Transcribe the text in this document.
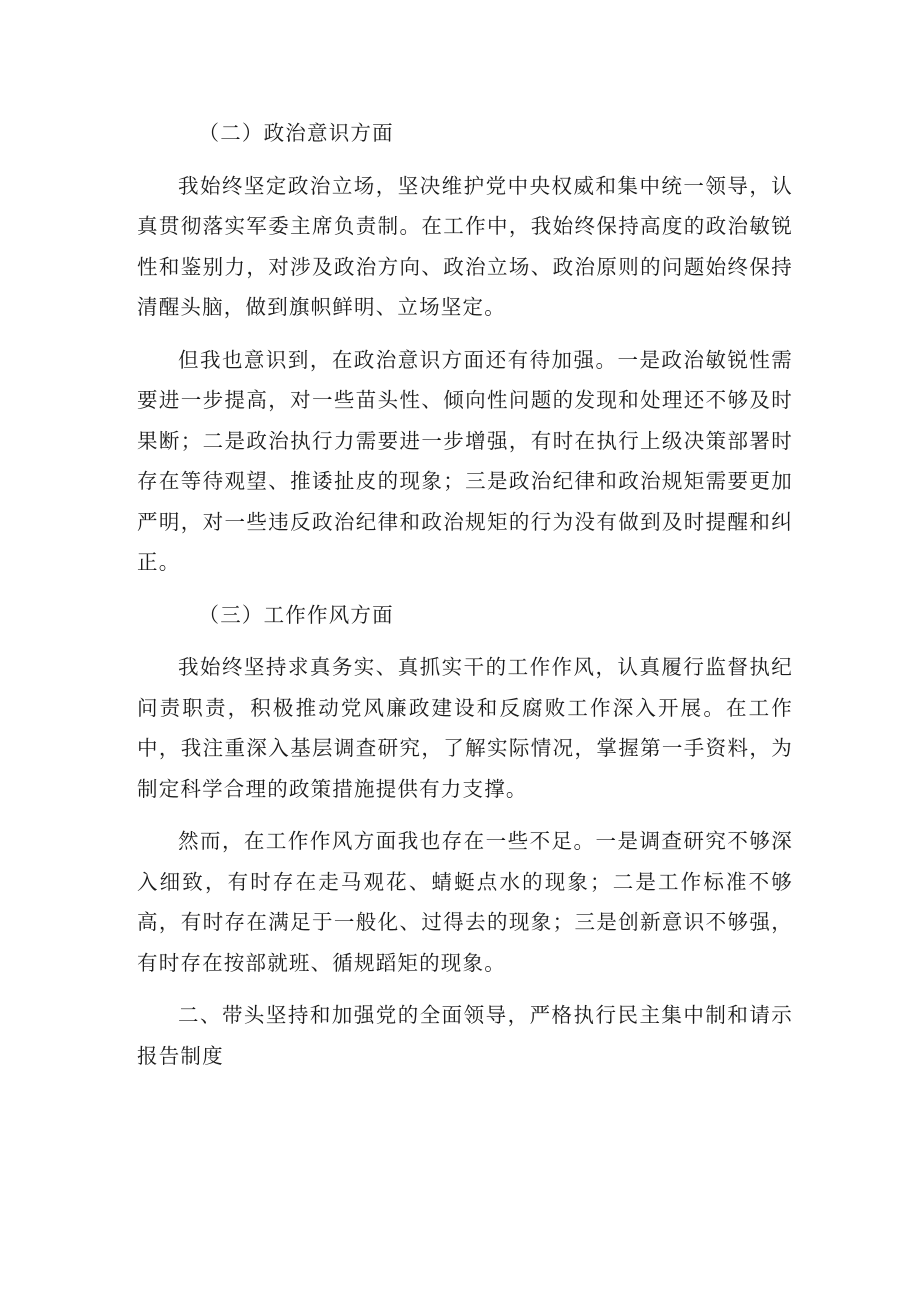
（二）政治意识方面

我始终坚定政治立场，坚决维护党中央权威和集中统一领导，认真贯彻落实军委主席负责制。在工作中，我始终保持高度的政治敏锐性和鉴别力，对涉及政治方向、政治立场、政治原则的问题始终保持清醒头脑，做到旗帜鲜明、立场坚定。

但我也意识到，在政治意识方面还有待加强。一是政治敏锐性需要进一步提高，对一些苗头性、倾向性问题的发现和处理还不够及时果断；二是政治执行力需要进一步增强，有时在执行上级决策部署时存在等待观望、推诿扯皮的现象；三是政治纪律和政治规矩需要更加严明，对一些违反政治纪律和政治规矩的行为没有做到及时提醒和纠正。

（三）工作作风方面

我始终坚持求真务实、真抓实干的工作作风，认真履行监督执纪问责职责，积极推动党风廉政建设和反腐败工作深入开展。在工作中，我注重深入基层调查研究，了解实际情况，掌握第一手资料，为制定科学合理的政策措施提供有力支撑。

然而，在工作作风方面我也存在一些不足。一是调查研究不够深入细致，有时存在走马观花、蜻蜓点水的现象；二是工作标准不够高，有时存在满足于一般化、过得去的现象；三是创新意识不够强，有时存在按部就班、循规蹈矩的现象。

二、带头坚持和加强党的全面领导，严格执行民主集中制和请示报告制度
